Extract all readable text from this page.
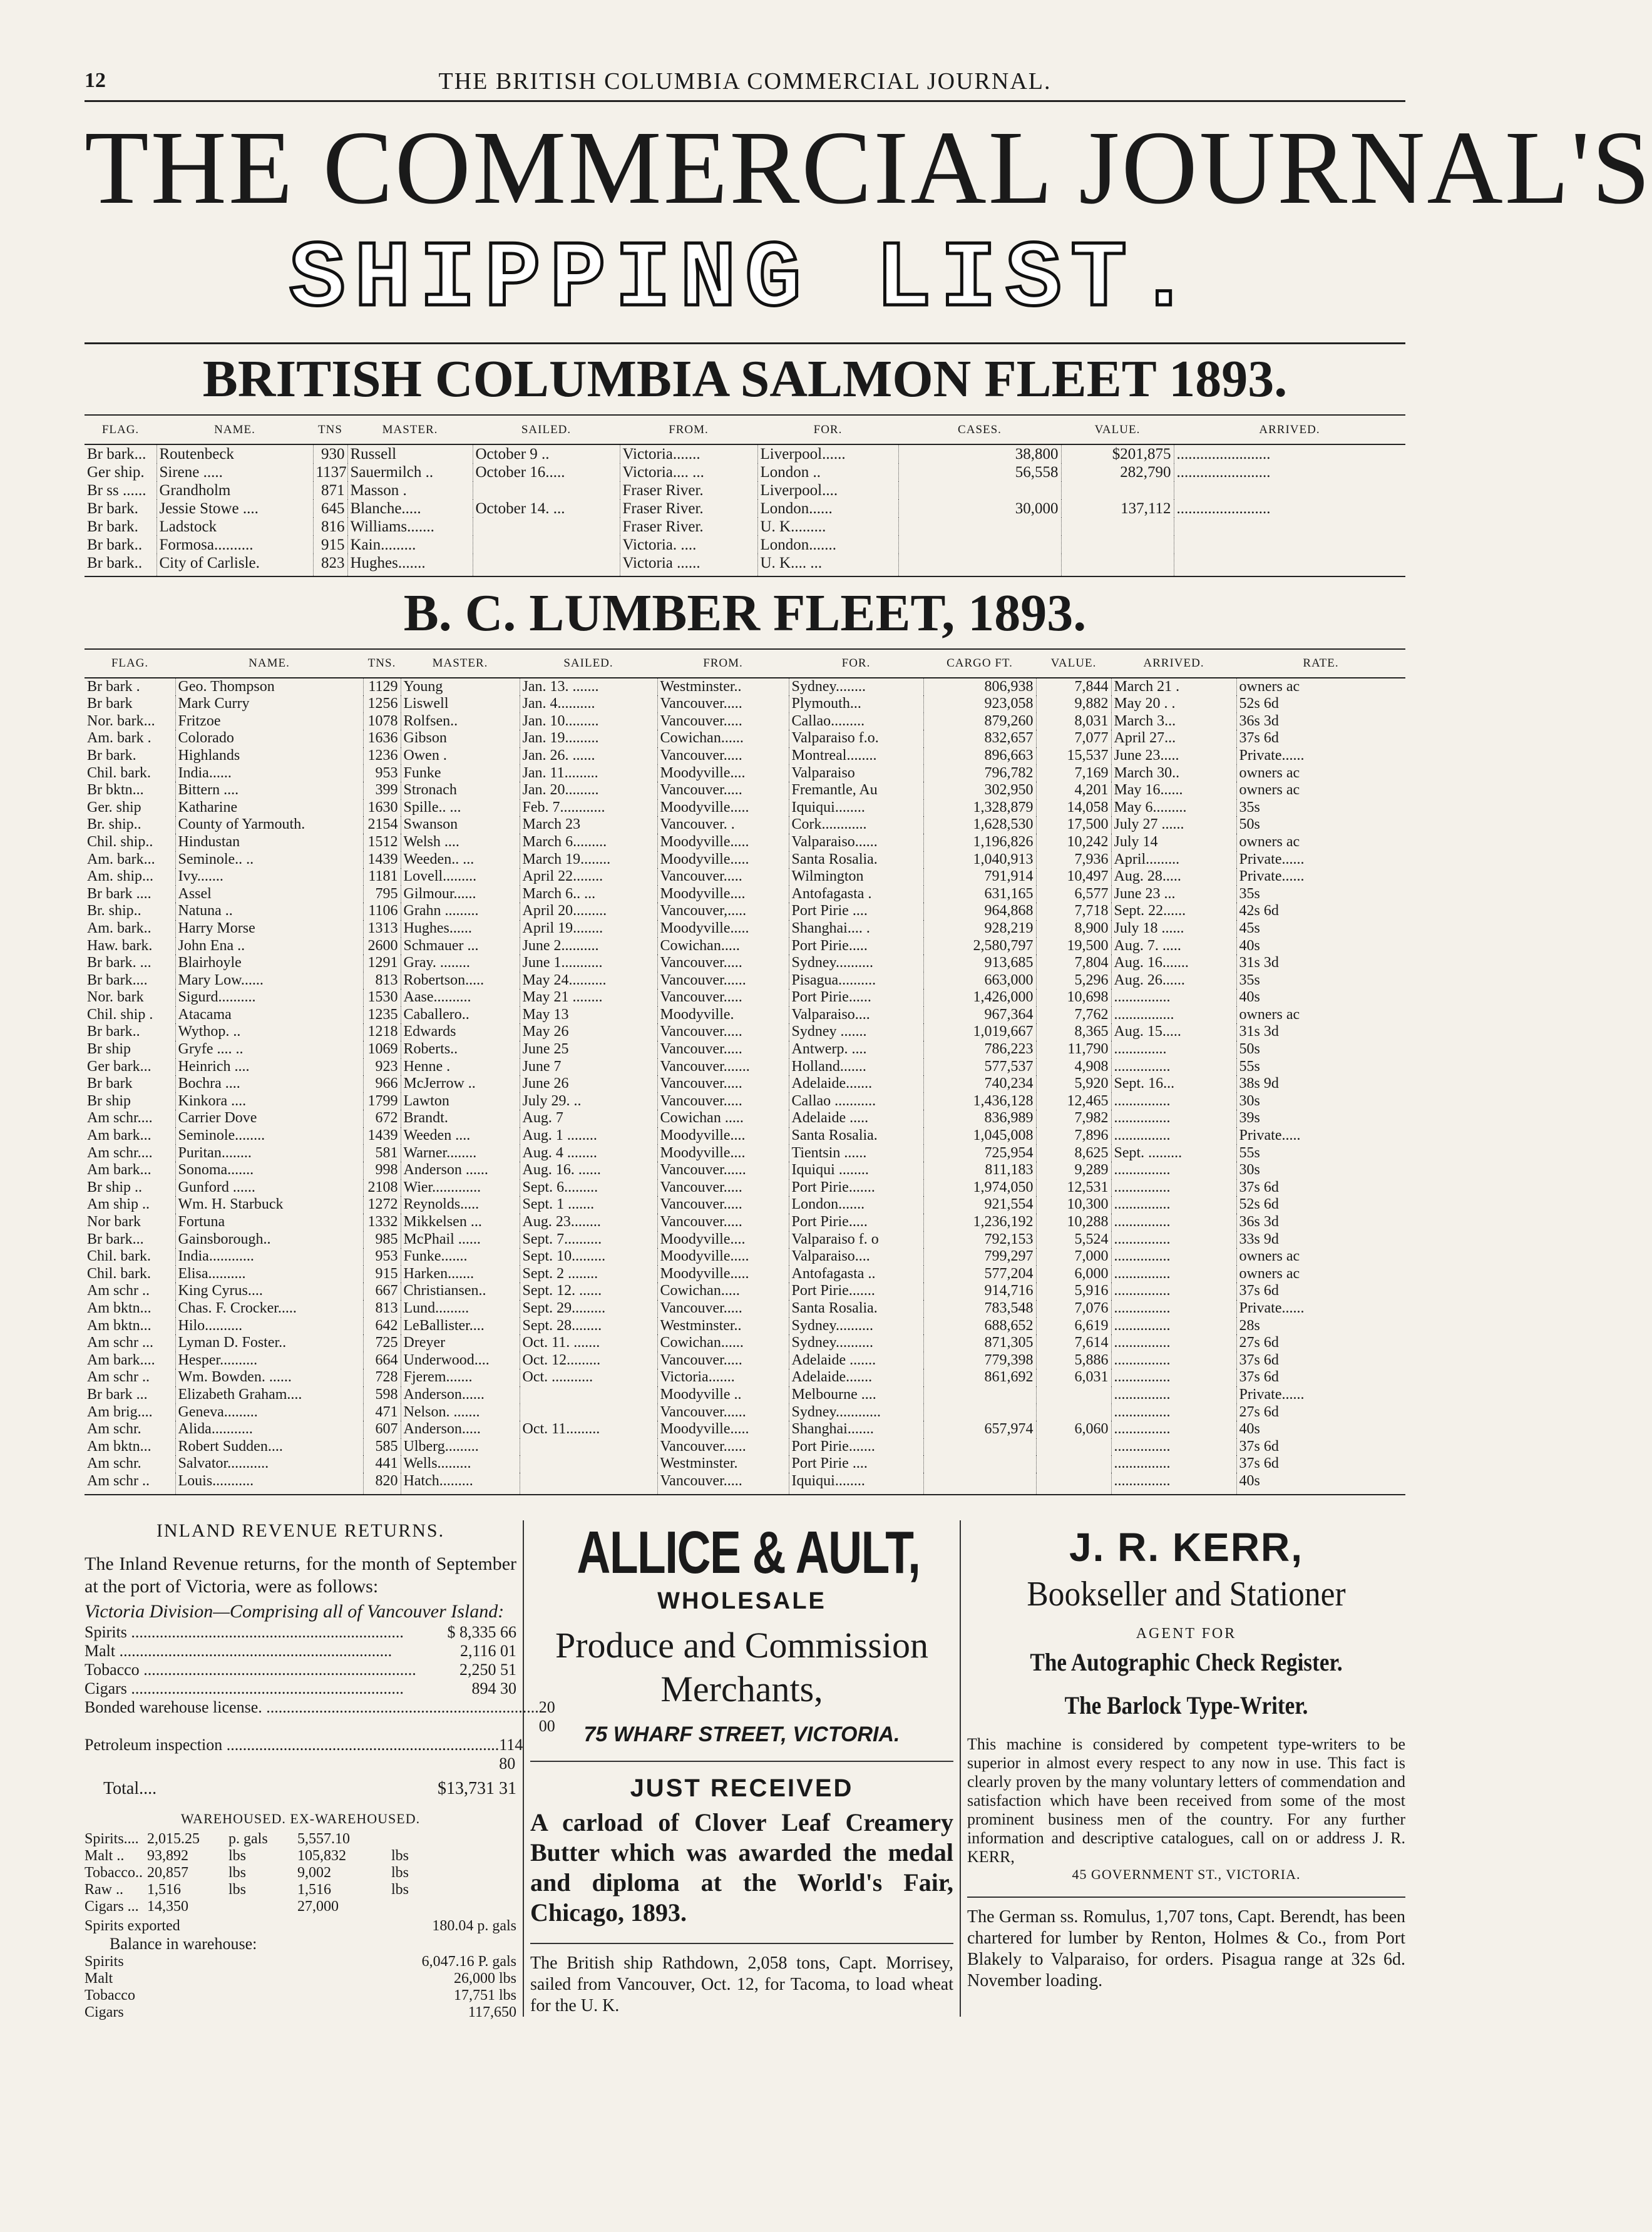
12	THE BRITISH COLUMBIA COMMERCIAL JOURNAL.
THE COMMERCIAL JOURNAL'S
SHIPPING LIST.
BRITISH COLUMBIA SALMON FLEET 1893.
FLAG.	NAME.	TNS	MASTER.	SAILED.	FROM.	FOR.	CASES.	VALUE.	ARRIVED.
Br bark...	Routenbeck	930	Russell	October 9 ..	Victoria.......	Liverpool......	38,800	$201,875	........................
Ger ship.	Sirene .....	1137	Sauermilch ..	October 16.....	Victoria.... ...	London ..	56,558	282,790	........................
Br ss ......	Grandholm	871	Masson .		Fraser River.	Liverpool....			
Br bark.	Jessie Stowe ....	645	Blanche.....	October 14. ...	Fraser River.	London......	30,000	137,112	........................
Br bark.	Ladstock	816	Williams.......		Fraser River.	U. K.........			
Br bark..	Formosa..........	915	Kain.........		Victoria. ....	London.......			
Br bark..	City of Carlisle.	823	Hughes.......		Victoria ......	U. K.... ...			
B. C. LUMBER FLEET, 1893.
FLAG.	NAME.	TNS.	MASTER.	SAILED.	FROM.	FOR.	CARGO FT.	VALUE.	ARRIVED.	RATE.
Br bark .	Geo. Thompson	1129	Young	Jan. 13. .......	Westminster..	Sydney........	806,938	7,844	March 21 .	owners ac
Br bark	Mark Curry	1256	Liswell	Jan. 4..........	Vancouver.....	Plymouth...	923,058	9,882	May 20 . .	52s 6d
Nor. bark...	Fritzoe	1078	Rolfsen..	Jan. 10.........	Vancouver.....	Callao.........	879,260	8,031	March 3...	36s 3d
Am. bark .	Colorado	1636	Gibson	Jan. 19.........	Cowichan......	Valparaiso f.o.	832,657	7,077	April 27...	37s 6d
Br bark.	Highlands	1236	Owen .	Jan. 26. ......	Vancouver.....	Montreal........	896,663	15,537	June 23.....	Private......
Chil. bark.	India......	953	Funke	Jan. 11.........	Moodyville....	Valparaiso	796,782	7,169	March 30..	owners ac
Br bktn...	Bittern ....	399	Stronach	Jan. 20.........	Vancouver.....	Fremantle, Au	302,950	4,201	May 16......	owners ac
Ger. ship	Katharine	1630	Spille.. ...	Feb. 7............	Moodyville.....	Iquiqui........	1,328,879	14,058	May 6.........	35s
Br. ship..	County of Yarmouth.	2154	Swanson	March 23	Vancouver. .	Cork............	1,628,530	17,500	July 27 ......	50s
Chil. ship..	Hindustan	1512	Welsh ....	March 6.........	Moodyville.....	Valparaiso......	1,196,826	10,242	July 14	owners ac
Am. bark...	Seminole.. ..	1439	Weeden.. ...	March 19........	Moodyville.....	Santa Rosalia.	1,040,913	7,936	April.........	Private......
Am. ship...	Ivy.......	1181	Lovell.........	April 22........	Vancouver.....	Wilmington	791,914	10,497	Aug. 28.....	Private......
Br bark ....	Assel	795	Gilmour......	March 6.. ...	Moodyville....	Antofagasta .	631,165	6,577	June 23 ...	35s
Br. ship..	Natuna ..	1106	Grahn .........	April 20.........	Vancouver,.....	Port Pirie ....	964,868	7,718	Sept. 22......	42s 6d
Am. bark..	Harry Morse	1313	Hughes......	April 19........	Moodyville.....	Shanghai.... .	928,219	8,900	July 18 ......	45s
Haw. bark.	John Ena ..	2600	Schmauer ...	June 2..........	Cowichan.....	Port Pirie.....	2,580,797	19,500	Aug. 7. .....	40s
Br bark. ...	Blairhoyle	1291	Gray. ........	June 1...........	Vancouver.....	Sydney..........	913,685	7,804	Aug. 16.......	31s 3d
Br bark....	Mary Low......	813	Robertson.....	May 24..........	Vancouver......	Pisagua..........	663,000	5,296	Aug. 26......	35s
Nor. bark	Sigurd..........	1530	Aase..........	May 21 ........	Vancouver.....	Port Pirie......	1,426,000	10,698	...............	40s
Chil. ship .	Atacama	1235	Caballero..	May 13	Moodyville.	Valparaiso....	967,364	7,762	................	owners ac
Br bark..	Wythop. ..	1218	Edwards	May 26	Vancouver.....	Sydney .......	1,019,667	8,365	Aug. 15.....	31s 3d
Br ship	Gryfe .... ..	1069	Roberts..	June 25	Vancouver.....	Antwerp. ....	786,223	11,790	..............	50s
Ger bark...	Heinrich ....	923	Henne .	June 7	Vancouver.......	Holland.......	577,537	4,908	...............	55s
Br bark	Bochra ....	966	McJerrow ..	June 26	Vancouver.....	Adelaide.......	740,234	5,920	Sept. 16...	38s 9d
Br ship	Kinkora ....	1799	Lawton	July 29. ..	Vancouver.....	Callao ...........	1,436,128	12,465	...............	30s
Am schr....	Carrier Dove	672	Brandt.	Aug. 7	Cowichan .....	Adelaide .....	836,989	7,982	...............	39s
Am bark...	Seminole........	1439	Weeden ....	Aug. 1 ........	Moodyville....	Santa Rosalia.	1,045,008	7,896	...............	Private.....
Am schr....	Puritan........	581	Warner........	Aug. 4 ........	Moodyville....	Tientsin ......	725,954	8,625	Sept. .........	55s
Am bark...	Sonoma.......	998	Anderson ......	Aug. 16. ......	Vancouver......	Iquiqui ........	811,183	9,289	...............	30s
Br ship ..	Gunford ......	2108	Wier.............	Sept. 6.........	Vancouver.....	Port Pirie.......	1,974,050	12,531	...............	37s 6d
Am ship ..	Wm. H. Starbuck	1272	Reynolds.....	Sept. 1 .......	Vancouver.....	London.......	921,554	10,300	...............	52s 6d
Nor bark	Fortuna	1332	Mikkelsen ...	Aug. 23........	Vancouver.....	Port Pirie.....	1,236,192	10,288	...............	36s 3d
Br bark...	Gainsborough..	985	McPhail ......	Sept. 7..........	Moodyville....	Valparaiso f. o	792,153	5,524	...............	33s 9d
Chil. bark.	India............	953	Funke.......	Sept. 10.........	Moodyville.....	Valparaiso....	799,297	7,000	...............	owners ac
Chil. bark.	Elisa..........	915	Harken.......	Sept. 2 ........	Moodyville.....	Antofagasta ..	577,204	6,000	...............	owners ac
Am schr ..	King Cyrus....	667	Christiansen..	Sept. 12. ......	Cowichan.....	Port Pirie.......	914,716	5,916	...............	37s 6d
Am bktn...	Chas. F. Crocker.....	813	Lund.........	Sept. 29.........	Vancouver.....	Santa Rosalia.	783,548	7,076	...............	Private......
Am bktn...	Hilo..........	642	LeBallister....	Sept. 28........	Westminster..	Sydney..........	688,652	6,619	...............	28s
Am schr ...	Lyman D. Foster..	725	Dreyer	Oct. 11. .......	Cowichan......	Sydney..........	871,305	7,614	...............	27s 6d
Am bark....	Hesper..........	664	Underwood....	Oct. 12.........	Vancouver.....	Adelaide .......	779,398	5,886	...............	37s 6d
Am schr ..	Wm. Bowden. ......	728	Fjerem.......	Oct. ...........	Victoria.......	Adelaide.......	861,692	6,031	...............	37s 6d
Br bark ...	Elizabeth Graham....	598	Anderson......		Moodyville ..	Melbourne ....			...............	Private......
Am brig....	Geneva.........	471	Nelson. .......		Vancouver......	Sydney............			...............	27s 6d
Am schr.	Alida...........	607	Anderson.....	Oct. 11.........	Moodyville.....	Shanghai.......	657,974	6,060	...............	40s
Am bktn...	Robert Sudden....	585	Ulberg.........		Vancouver......	Port Pirie.......			...............	37s 6d
Am schr.	Salvator...........	441	Wells.........		Westminster.	Port Pirie ....			...............	37s 6d
Am schr ..	Louis...........	820	Hatch.........		Vancouver.....	Iquiqui........			...............	40s
INLAND REVENUE RETURNS.
The Inland Revenue returns, for the month of September at the port of Victoria, were as follows:
Victoria Division—Comprising all of Vancouver Island:
Spirits .....	$ 8,335 66
Malt .....	2,116 01
Tobacco .....	2,250 51
Cigars .....	894 30
Bonded warehouse license. .....	20 00
Petroleum inspection .....	114 80
Total....	$13,731 31
WAREHOUSED. EX-WAREHOUSED.
Spirits.... 2,015.25	p. gals	5,557.10
Malt ..	93,892	lbs	105,832	lbs
Tobacco.. 20,857	lbs	9,002	lbs
Raw ..	1,516	lbs	1,516	lbs
Cigars ... 14,350	27,000
Spirits exported	180.04 p. gals
Balance in warehouse:
Spirits	6,047.16 P. gals
Malt	26,000 lbs
Tobacco	17,751 lbs
Cigars	117,650
ALLICE & AULT,
WHOLESALE
Produce and Commission
Merchants,
75 WHARF STREET, VICTORIA.
JUST RECEIVED
A carload of Clover Leaf Creamery Butter which was awarded the medal and diploma at the World's Fair, Chicago, 1893.
The British ship Rathdown, 2,058 tons, Capt. Morrisey, sailed from Vancouver, Oct. 12, for Tacoma, to load wheat for the U. K.
J. R. KERR,
Bookseller and Stationer
AGENT FOR
The Autographic Check Register.
The Barlock Type-Writer.
This machine is considered by competent type-writers to be superior in almost every respect to any now in use. This fact is clearly proven by the many voluntary letters of commendation and satisfaction which have been received from some of the most prominent business men of the country. For any further information and descriptive catalogues, call on or address J. R. KERR,
45 GOVERNMENT ST., VICTORIA.
The German ss. Romulus, 1,707 tons, Capt. Berendt, has been chartered for lumber by Renton, Holmes & Co., from Port Blakely to Valparaiso, for orders. Pisagua range at 32s 6d. November loading.
